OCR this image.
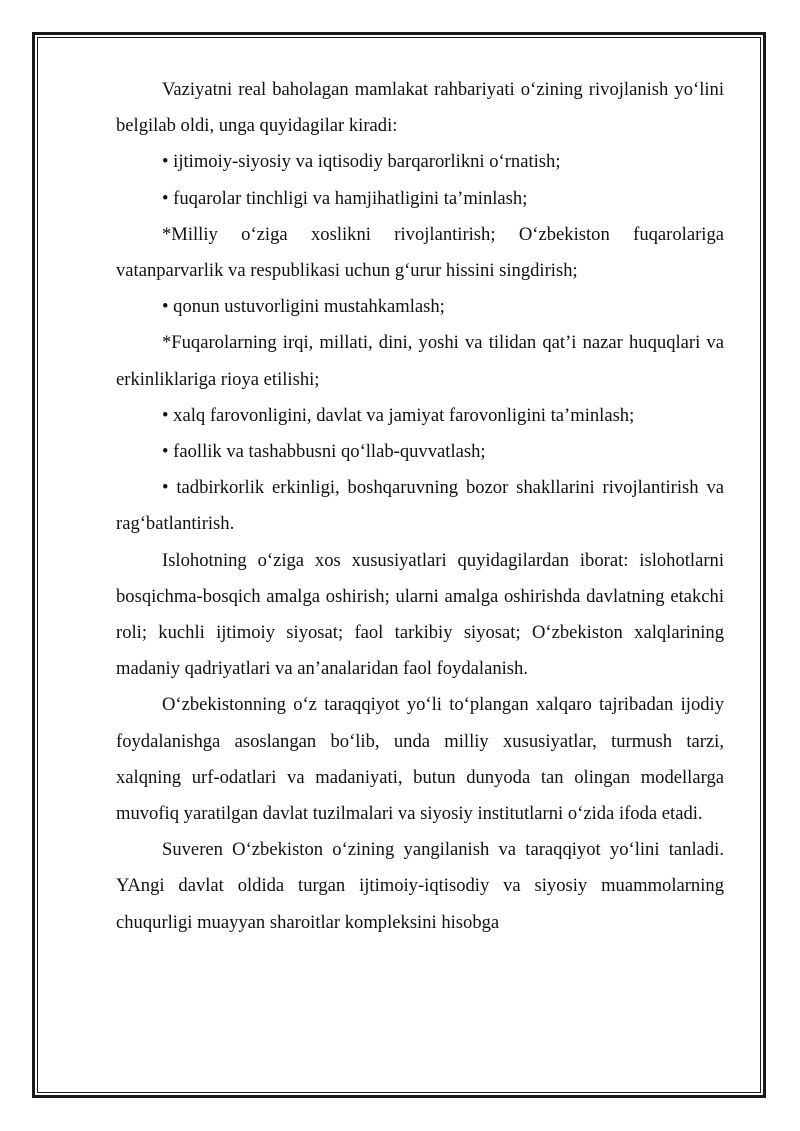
Vaziyatni real baholagan mamlakat rahbariyati o‘zining rivojlanish yo‘lini belgilab oldi, unga quyidagilar kiradi:

• ijtimoiy-siyosiy va iqtisodiy barqarorlikni o‘rnatish;

• fuqarolar tinchligi va hamjihatligini ta’minlash;

*Milliy o‘ziga xoslikni rivojlantirish; O‘zbekiston fuqarolariga vatanparvarlik va respublikasi uchun g‘urur hissini singdirish;

• qonun ustuvorligini mustahkamlash;

*Fuqarolarning irqi, millati, dini, yoshi va tilidan qat’i nazar huquqlari va erkinliklariga rioya etilishi;

• xalq farovonligini, davlat va jamiyat farovonligini ta’minlash;

• faollik va tashabbusni qo‘llab-quvvatlash;

• tadbirkorlik erkinligi, boshqaruvning bozor shakllarini rivojlantirish va rag‘batlantirish.

Islohotning o‘ziga xos xususiyatlari quyidagilardan iborat: islohotlarni bosqichma-bosqich amalga oshirish; ularni amalga oshirishda davlatning etakchi roli; kuchli ijtimoiy siyosat; faol tarkibiy siyosat; O‘zbekiston xalqlarining madaniy qadriyatlari va an’analaridan faol foydalanish.

O‘zbekistonning o‘z taraqqiyot yo‘li to‘plangan xalqaro tajribadan ijodiy foydalanishga asoslangan bo‘lib, unda milliy xususiyatlar, turmush tarzi, xalqning urf-odatlari va madaniyati, butun dunyoda tan olingan modellarga muvofiq yaratilgan davlat tuzilmalari va siyosiy institutlarni o‘zida ifoda etadi.

Suveren O‘zbekiston o‘zining yangilanish va taraqqiyot yo‘lini tanladi. YAngi davlat oldida turgan ijtimoiy-iqtisodiy va siyosiy muammolarning chuqurligi muayyan sharoitlar kompleksini hisobga
